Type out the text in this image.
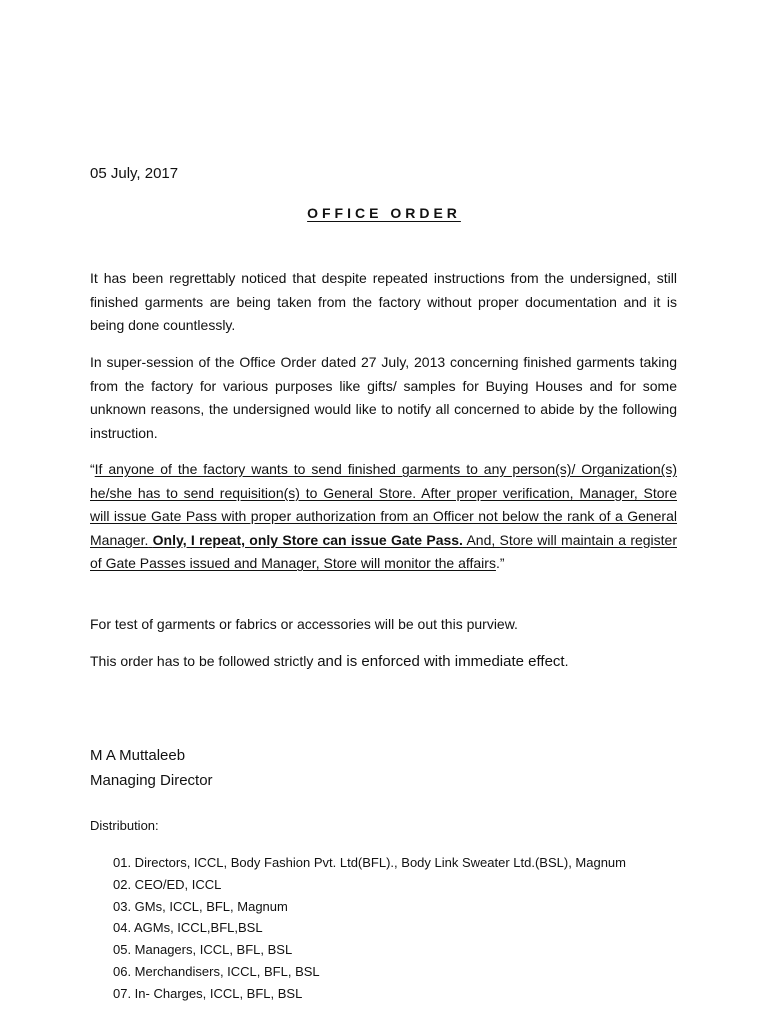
05 July, 2017
OFFICE ORDER

It has been regrettably noticed that despite repeated instructions from the undersigned, still finished garments are being taken from the factory without proper documentation and it is being done countlessly.

In super-session of the Office Order dated 27 July, 2013 concerning finished garments taking from the factory for various purposes like gifts/ samples for Buying Houses and for some unknown reasons, the undersigned would like to notify all concerned to abide by the following instruction.

“If anyone of the factory wants to send finished garments to any person(s)/ Organization(s) he/she has to send requisition(s) to General Store. After proper verification, Manager, Store will issue Gate Pass with proper authorization from an Officer not below the rank of a General Manager. Only, I repeat, only Store can issue Gate Pass. And, Store will maintain a register of Gate Passes issued and Manager, Store will monitor the affairs.”

For test of garments or fabrics or accessories will be out this purview.

This order has to be followed strictly and is enforced with immediate effect.

M A Muttaleeb
Managing Director
Distribution:
01. Directors, ICCL, Body Fashion Pvt. Ltd(BFL)., Body Link Sweater Ltd.(BSL), Magnum
02. CEO/ED, ICCL
03. GMs, ICCL, BFL, Magnum
04. AGMs, ICCL,BFL,BSL
05. Managers, ICCL, BFL, BSL
06. Merchandisers, ICCL, BFL, BSL
07. In- Charges, ICCL, BFL, BSL
